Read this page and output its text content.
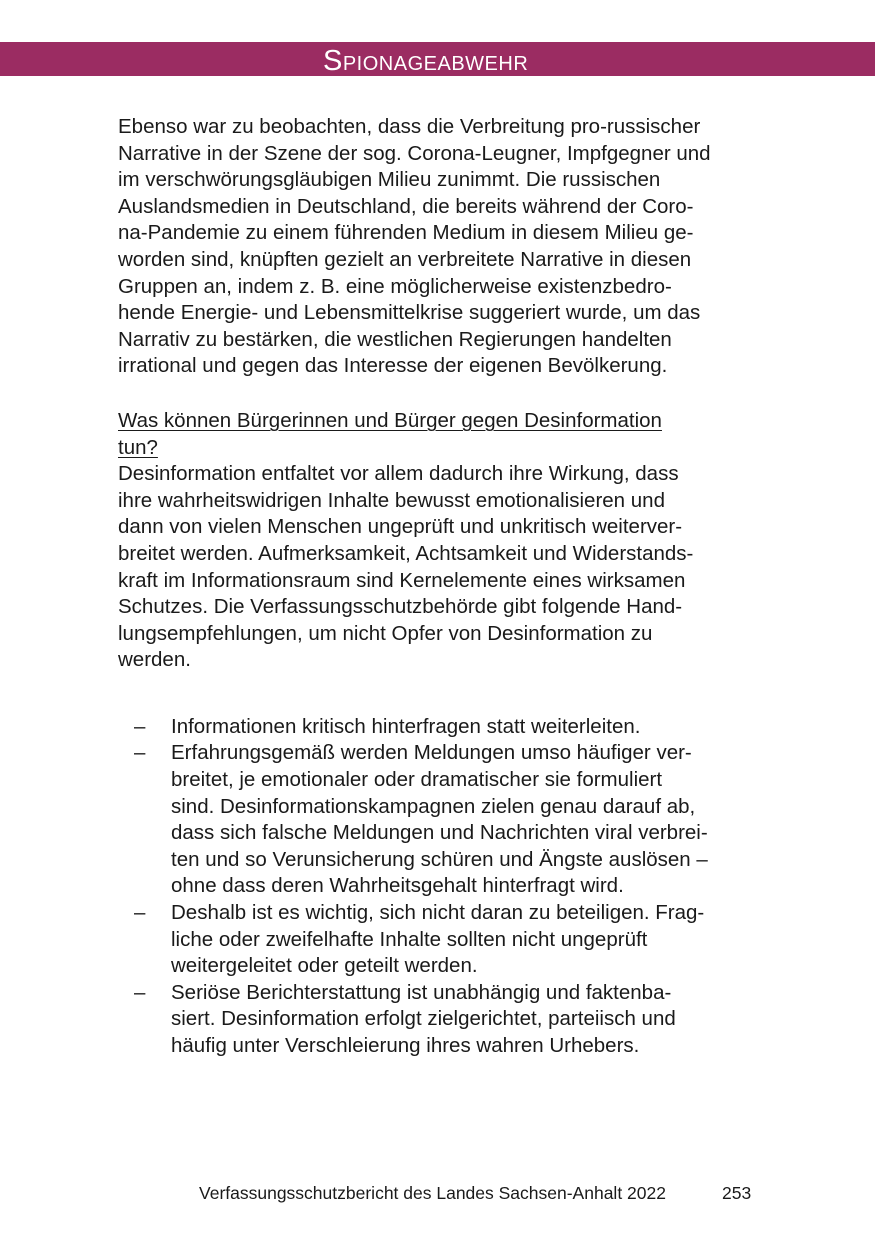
Spionageabwehr

Ebenso war zu beobachten, dass die Verbreitung pro-russischer
Narrative in der Szene der sog. Corona-Leugner, Impfgegner und
im verschwörungsgläubigen Milieu zunimmt. Die russischen
Auslandsmedien in Deutschland, die bereits während der Coro-
na-Pandemie zu einem führenden Medium in diesem Milieu ge-
worden sind, knüpften gezielt an verbreitete Narrative in diesen
Gruppen an, indem z. B. eine möglicherweise existenzbedro-
hende Energie- und Lebensmittelkrise suggeriert wurde, um das
Narrativ zu bestärken, die westlichen Regierungen handelten
irrational und gegen das Interesse der eigenen Bevölkerung.

Was können Bürgerinnen und Bürger gegen Desinformation
tun?

Desinformation entfaltet vor allem dadurch ihre Wirkung, dass
ihre wahrheitswidrigen Inhalte bewusst emotionalisieren und
dann von vielen Menschen ungeprüft und unkritisch weiterver-
breitet werden. Aufmerksamkeit, Achtsamkeit und Widerstands-
kraft im Informationsraum sind Kernelemente eines wirksamen
Schutzes. Die Verfassungsschutzbehörde gibt folgende Hand-
lungsempfehlungen, um nicht Opfer von Desinformation zu
werden.

–	Informationen kritisch hinterfragen statt weiterleiten.
–	Erfahrungsgemäß werden Meldungen umso häufiger ver-
breitet, je emotionaler oder dramatischer sie formuliert
sind. Desinformationskampagnen zielen genau darauf ab,
dass sich falsche Meldungen und Nachrichten viral verbrei-
ten und so Verunsicherung schüren und Ängste auslösen –
ohne dass deren Wahrheitsgehalt hinterfragt wird.
–	Deshalb ist es wichtig, sich nicht daran zu beteiligen. Frag-
liche oder zweifelhafte Inhalte sollten nicht ungeprüft
weitergeleitet oder geteilt werden.
–	Seriöse Berichterstattung ist unabhängig und faktenba-
siert. Desinformation erfolgt zielgerichtet, parteiisch und
häufig unter Verschleierung ihres wahren Urhebers.
Verfassungsschutzbericht des Landes Sachsen-Anhalt 2022	253
